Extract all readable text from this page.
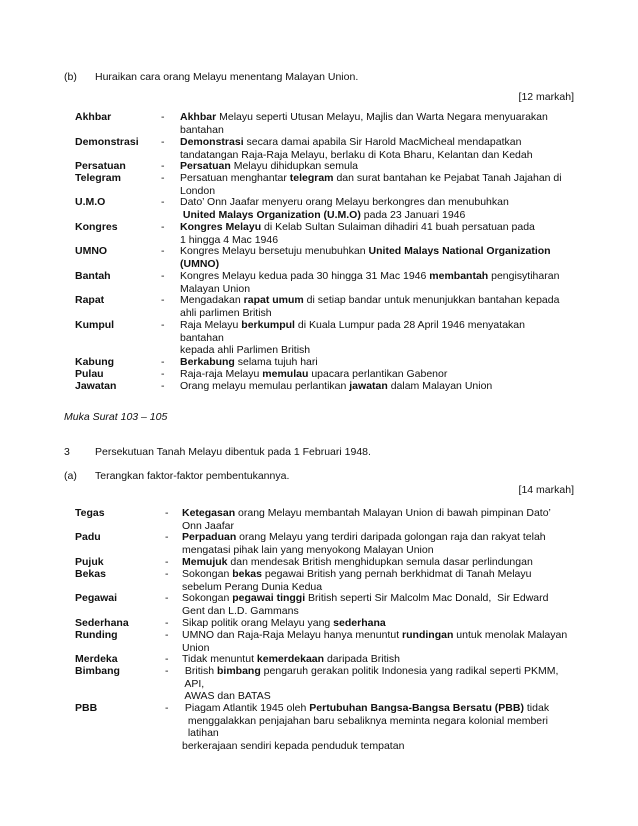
(b) Huraikan cara orang Melayu menentang Malayan Union.
[12 markah]
Akhbar	- Akhbar Melayu seperti Utusan Melayu, Majlis dan Warta Negara menyuarakan
bantahan
Demonstrasi - Demonstrasi secara damai apabila Sir Harold MacMicheal mendapatkan
tandatangan Raja-Raja Melayu, berlaku di Kota Bharu, Kelantan dan Kedah
Persatuan	- Persatuan Melayu dihidupkan semula
Telegram	- Persatuan menghantar telegram dan surat bantahan ke Pejabat Tanah Jajahan di
London
U.M.O	- Dato’ Onn Jaafar menyeru orang Melayu berkongres dan menubuhkan
United Malays Organization (U.M.O) pada 23 Januari 1946
Kongres	- Kongres Melayu di Kelab Sultan Sulaiman dihadiri 41 buah persatuan pada
1 hingga 4 Mac 1946
UMNO	- Kongres Melayu bersetuju menubuhkan United Malays National Organization
(UMNO)
Bantah	- Kongres Melayu kedua pada 30 hingga 31 Mac 1946 membantah pengisytiharan
Malayan Union
Rapat	- Mengadakan rapat umum di setiap bandar untuk menunjukkan bantahan kepada
ahli parlimen British
Kumpul	- Raja Melayu berkumpul di Kuala Lumpur pada 28 April 1946 menyatakan
bantahan
kepada ahli Parlimen British
Kabung	- Berkabung selama tujuh hari
Pulau	- Raja-raja Melayu memulau upacara perlantikan Gabenor
Jawatan	- Orang melayu memulau perlantikan jawatan dalam Malayan Union
Muka Surat 103 – 105
3 Persekutuan Tanah Melayu dibentuk pada 1 Februari 1948.
(a) Terangkan faktor-faktor pembentukannya.
[14 markah]
Tegas	- Ketegasan orang Melayu membantah Malayan Union di bawah pimpinan Dato’
Onn Jaafar
Padu	- Perpaduan orang Melayu yang terdiri daripada golongan raja dan rakyat telah
mengatasi pihak lain yang menyokong Malayan Union
Pujuk	- Memujuk dan mendesak British menghidupkan semula dasar perlindungan
Bekas	- Sokongan bekas pegawai British yang pernah berkhidmat di Tanah Melayu
sebelum Perang Dunia Kedua
Pegawai	- Sokongan pegawai tinggi British seperti Sir Malcolm Mac Donald,  Sir Edward
Gent dan L.D. Gammans
Sederhana	- Sikap politik orang Melayu yang sederhana
Runding	- UMNO dan Raja-Raja Melayu hanya menuntut rundingan untuk menolak Malayan
Union
Merdeka	- Tidak menuntut kemerdekaan daripada British
Bimbang	- British bimbang pengaruh gerakan politik Indonesia yang radikal seperti PKMM,
API,
AWAS dan BATAS
PBB	- Piagam Atlantik 1945 oleh Pertubuhan Bangsa-Bangsa Bersatu (PBB) tidak
menggalakkan penjajahan baru sebaliknya meminta negara kolonial memberi
latihan
berkerajaan sendiri kepada penduduk tempatan
